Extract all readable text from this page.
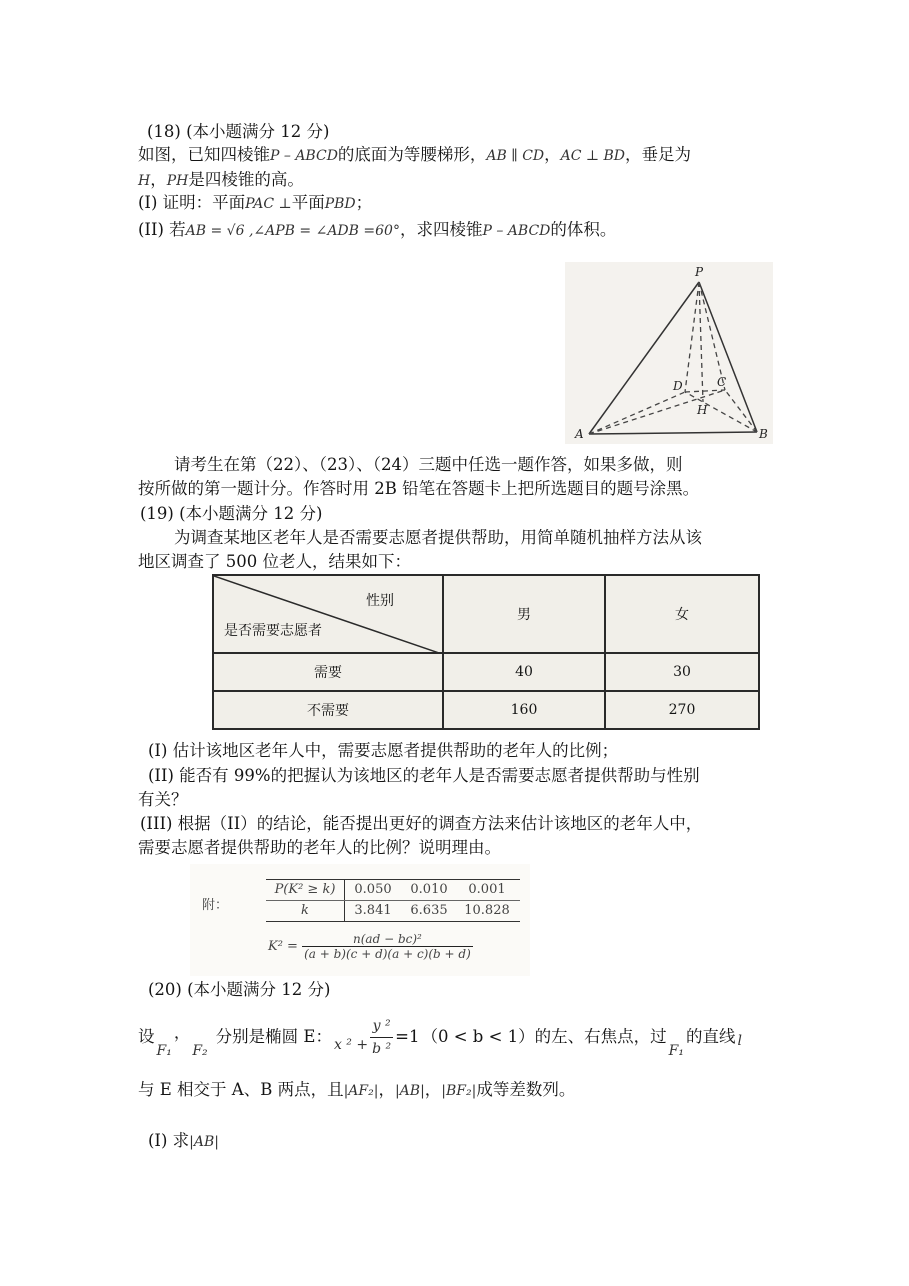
(18) (本小题满分 12 分)
如图，已知四棱锥P – ABCD的底面为等腰梯形，AB ∥ CD，AC ⊥ BD，垂足为
H，PH是四棱锥的高。
(I) 证明：平面PAC ⊥平面PBD；
(II) 若AB = √6 ,∠APB = ∠ADB =60°，求四棱锥P – ABCD的体积。
P
D	C
H
A	B
请考生在第（22）、（23）、（24）三题中任选一题作答，如果多做，则
按所做的第一题计分。作答时用 2B 铅笔在答题卡上把所选题目的题号涂黑。
(19) (本小题满分 12 分)
为调查某地区老年人是否需要志愿者提供帮助，用简单随机抽样方法从该
地区调查了 500 位老人，结果如下：
性别
是否需要志愿者	男	女
需要	40	30
不需要	160	270
(I) 估计该地区老年人中，需要志愿者提供帮助的老年人的比例；
(II) 能否有 99%的把握认为该地区的老年人是否需要志愿者提供帮助与性别
有关？
(III) 根据（II）的结论，能否提出更好的调查方法来估计该地区的老年人中，
需要志愿者提供帮助的老年人的比例？说明理由。
附：
P(K² ≥ k)	0.050	0.010	0.001
k	3.841	6.635	10.828
$K^2 = \frac{\text{n(ad − bc)²}}{(a + b)(c + d)(a + c)(b + d)}$
(20) (本小题满分 12 分)
设
F₁
，
F₂
分别是椭圆 E： x $^2 + \frac{\text{y ²}}{\text{b ²}} =1$ （0 < b < 1）的左、右焦点，过
F₁
的直线 l
与 E 相交于 A、B 两点，且|AF₂|，|AB|，|BF₂|成等差数列。
(I) 求|AB|
